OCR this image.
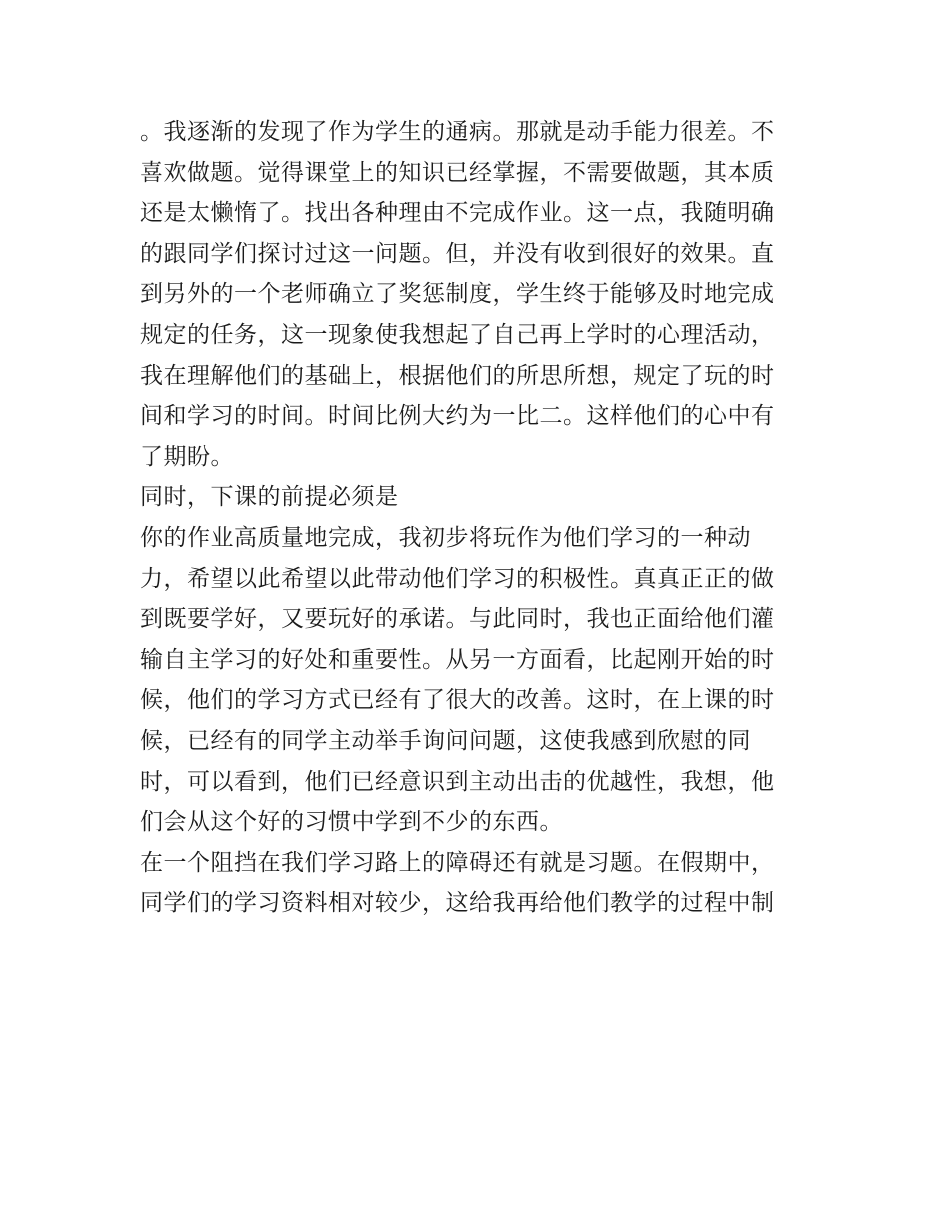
。我逐渐的发现了作为学生的通病。那就是动手能力很差。不
喜欢做题。觉得课堂上的知识已经掌握，不需要做题，其本质
还是太懒惰了。找出各种理由不完成作业。这一点，我随明确
的跟同学们探讨过这一问题。但，并没有收到很好的效果。直
到另外的一个老师确立了奖惩制度，学生终于能够及时地完成
规定的任务，这一现象使我想起了自己再上学时的心理活动，
我在理解他们的基础上，根据他们的所思所想，规定了玩的时
间和学习的时间。时间比例大约为一比二。这样他们的心中有
了期盼。
同时，下课的前提必须是
你的作业高质量地完成，我初步将玩作为他们学习的一种动
力，希望以此希望以此带动他们学习的积极性。真真正正的做
到既要学好，又要玩好的承诺。与此同时，我也正面给他们灌
输自主学习的好处和重要性。从另一方面看，比起刚开始的时
候，他们的学习方式已经有了很大的改善。这时，在上课的时
候，已经有的同学主动举手询问问题，这使我感到欣慰的同
时，可以看到，他们已经意识到主动出击的优越性，我想，他
们会从这个好的习惯中学到不少的东西。
在一个阻挡在我们学习路上的障碍还有就是习题。在假期中，
同学们的学习资料相对较少，这给我再给他们教学的过程中制
